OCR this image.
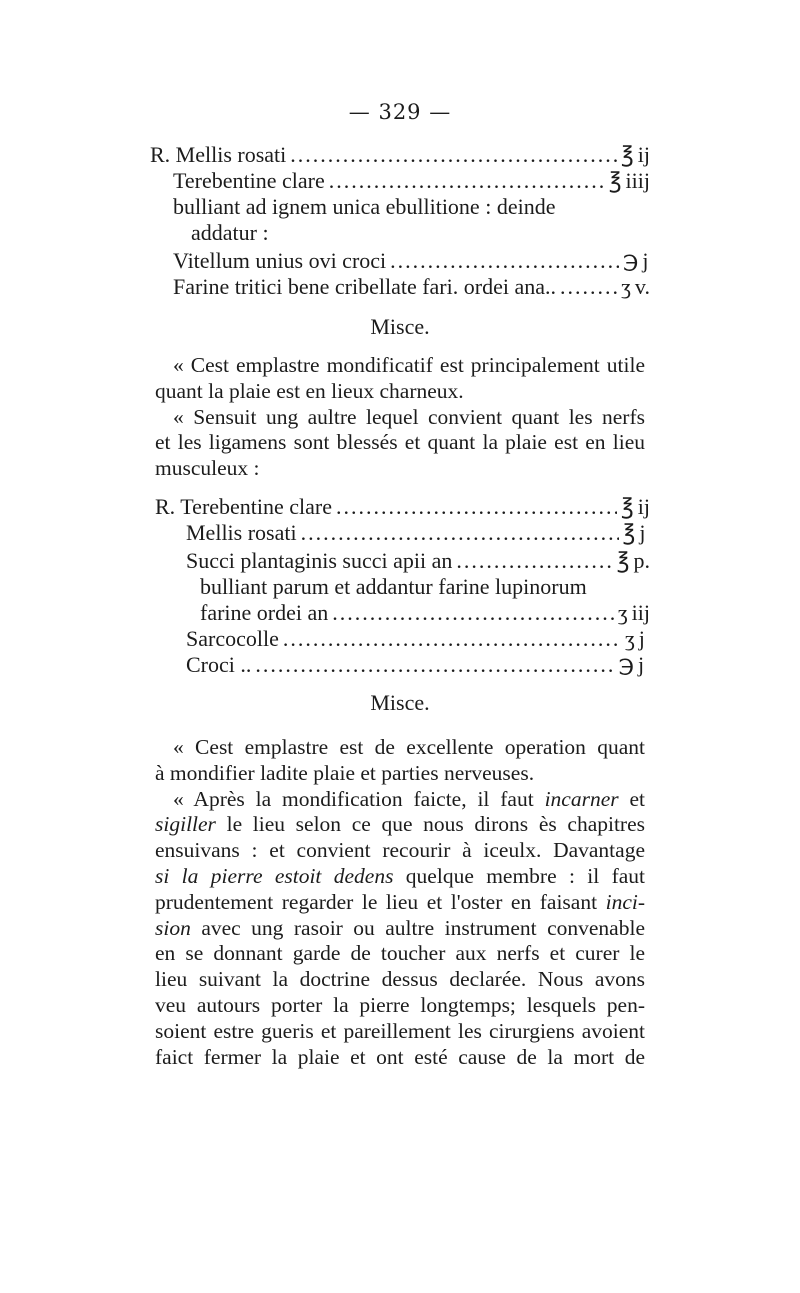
— 329 —
R. Mellis rosati .....	℥ ij
Terebentine clare .....	℥ iiij
bulliant ad ignem unica ebullitione : deinde
addatur :
Vitellum unius ovi croci .....	℈ j
Farine tritici bene cribellate fari. ordei ana.. .....	ʒ v.
Misce.
« Cest emplastre mondificatif est principalement utile
quant la plaie est en lieux charneux.
« Sensuit ung aultre lequel convient quant les nerfs
et les ligamens sont blessés et quant la plaie est en lieu
musculeux :
R. Terebentine clare .....	℥ ij
Mellis rosati .....	℥ j
Succi plantaginis succi apii an .....	℥ p.
bulliant parum et addantur farine lupinorum
farine ordei an .....	ʒ iij
Sarcocolle .....	ʒ j
Croci .. .....	℈ j
Misce.
« Cest emplastre est de excellente operation quant
à mondifier ladite plaie et parties nerveuses.
« Après la mondification faicte, il faut incarner et
sigiller le lieu selon ce que nous dirons ès chapitres
ensuivans : et convient recourir à iceulx. Davantage
si la pierre estoit dedens quelque membre : il faut
prudentement regarder le lieu et l'oster en faisant inci-
sion avec ung rasoir ou aultre instrument convenable
en se donnant garde de toucher aux nerfs et curer le
lieu suivant la doctrine dessus declarée. Nous avons
veu autours porter la pierre longtemps; lesquels pen-
soient estre gueris et pareillement les cirurgiens avoient
faict fermer la plaie et ont esté cause de la mort de
